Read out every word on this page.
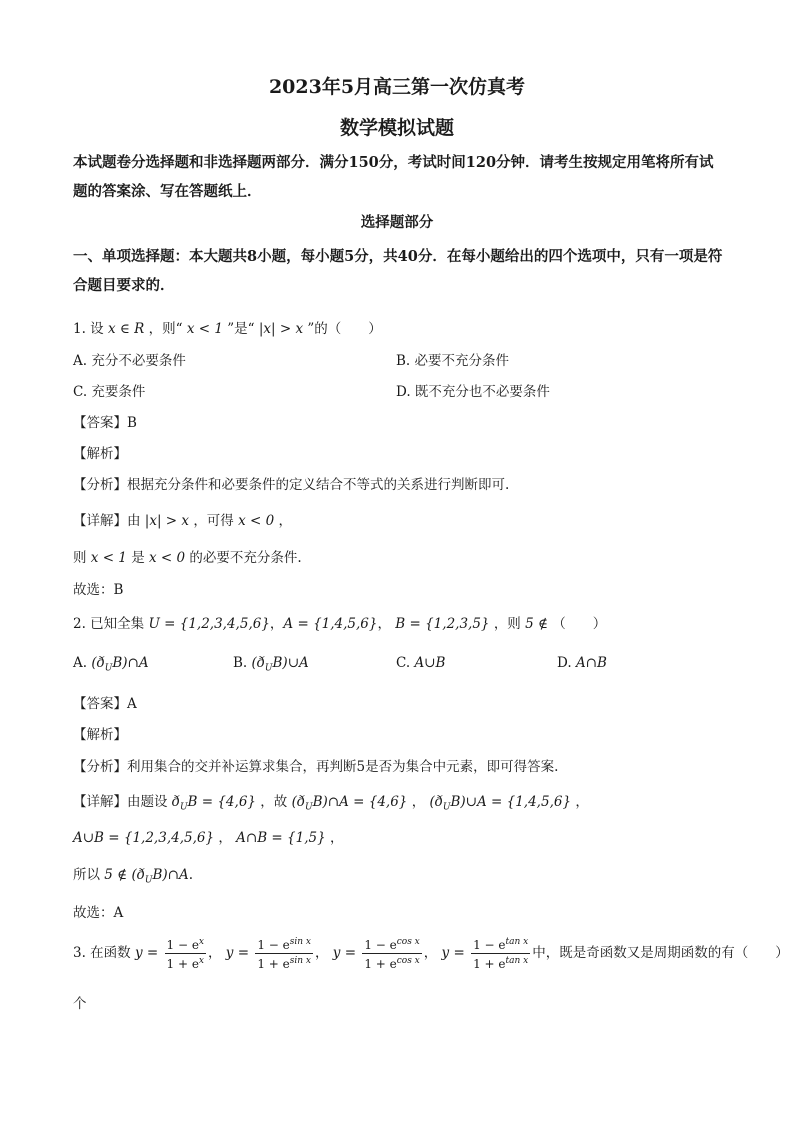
2023年5月高三第一次仿真考
数学模拟试题
本试题卷分选择题和非选择题两部分．满分150分，考试时间120分钟．请考生按规定用笔将所有试题的答案涂、写在答题纸上．
选择题部分
一、单项选择题：本大题共8小题，每小题5分，共40分．在每小题给出的四个选项中，只有一项是符合题目要求的．
1. 设 x ∈ R ，则“ x < 1 ”是“ |x| > x ”的（　　）
A. 充分不必要条件	B. 必要不充分条件
C. 充要条件	D. 既不充分也不必要条件
【答案】B
【解析】
【分析】根据充分条件和必要条件的定义结合不等式的关系进行判断即可.
【详解】由 |x| > x ，可得 x < 0 ，
则 x < 1 是 x < 0 的必要不充分条件.
故选：B
2. 已知全集 U = {1,2,3,4,5,6}，A = {1,4,5,6}， B = {1,2,3,5} ，则 5 ∉ （　　）
A. $(ð_UB)\cap A$	B. $(ð_UB)\cup A$	C. A∪B	D. A∩B
【答案】A
【解析】
【分析】利用集合的交并补运算求集合，再判断5是否为集合中元素，即可得答案.
【详解】由题设 $ð_UB = \{4,6\}$ ，故 $(ð_UB)\cap A = \{4,6\}$ ， $(ð_UB)\cup A = \{1,4,5,6\}$ ，
A∪B = {1,2,3,4,5,6} ， A∩B = {1,5} ，
所以 5 ∉ $(ð_UB)\cap A$.
故选：A
3. 在函数 $y = \frac{1 - e^x}{1 + e^x}$ ， $y = \frac{1 - e^{sin x}}{1 + e^{sin x}}$ ， $y = \frac{1 - e^{cos x}}{1 + e^{cos x}}$ ， $y = \frac{1 - e^{tan x}}{1 + e^{tan x}}$ 中，既是奇函数又是周期函数的有（　　）
个
